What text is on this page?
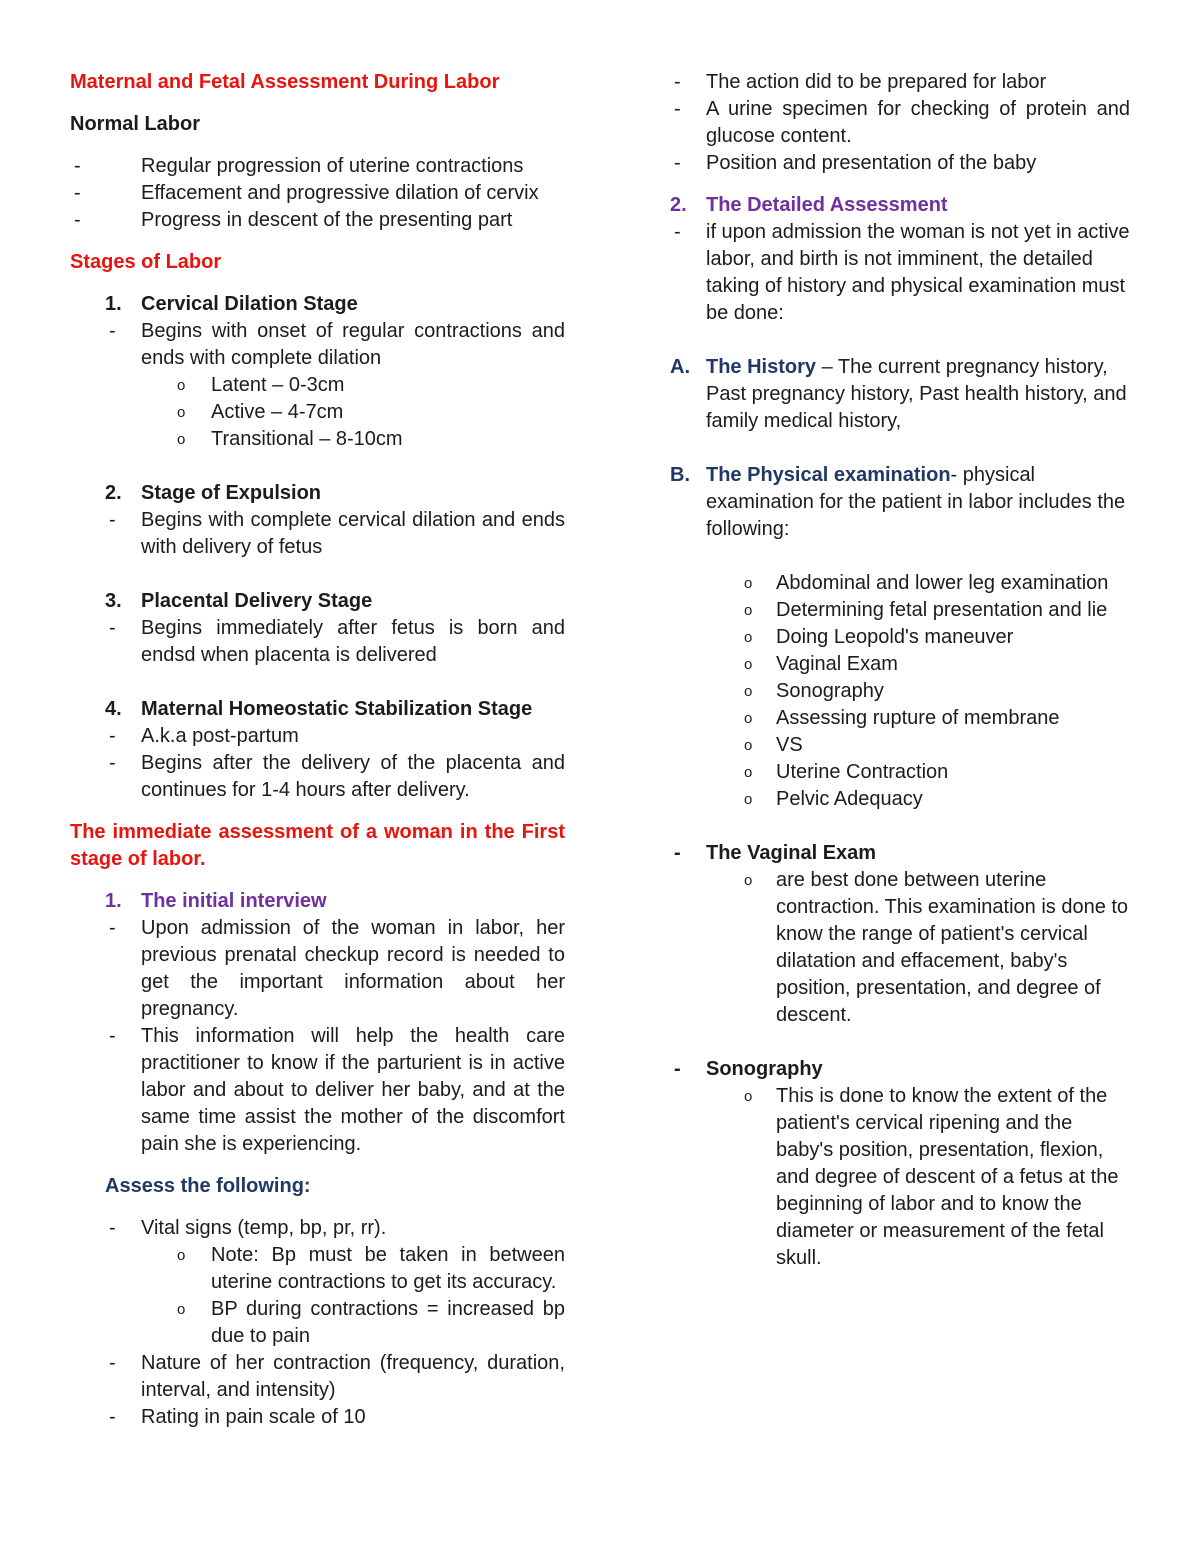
Maternal and Fetal Assessment During Labor
Normal Labor
- Regular progression of uterine contractions
- Effacement and progressive dilation of cervix
- Progress in descent of the presenting part
Stages of Labor
1. Cervical Dilation Stage
- Begins with onset of regular contractions and ends with complete dilation
o Latent – 0-3cm
o Active – 4-7cm
o Transitional – 8-10cm
2. Stage of Expulsion
- Begins with complete cervical dilation and ends with delivery of fetus
3. Placental Delivery Stage
- Begins immediately after fetus is born and endsd when placenta is delivered
4. Maternal Homeostatic Stabilization Stage
- A.k.a post-partum
- Begins after the delivery of the placenta and continues for 1-4 hours after delivery.
The immediate assessment of a woman in the First stage of labor.
1. The initial interview
- Upon admission of the woman in labor, her previous prenatal checkup record is needed to get the important information about her pregnancy.
- This information will help the health care practitioner to know if the parturient is in active labor and about to deliver her baby, and at the same time assist the mother of the discomfort pain she is experiencing.
Assess the following:
- Vital signs (temp, bp, pr, rr).
o Note: Bp must be taken in between uterine contractions to get its accuracy.
o BP during contractions = increased bp due to pain
- Nature of her contraction (frequency, duration, interval, and intensity)
- Rating in pain scale of 10
- The action did to be prepared for labor
- A urine specimen for checking of protein and glucose content.
- Position and presentation of the baby
2. The Detailed Assessment
- if upon admission the woman is not yet in active labor, and birth is not imminent, the detailed taking of history and physical examination must be done:
A. The History – The current pregnancy history, Past pregnancy history, Past health history, and family medical history,
B. The Physical examination- physical examination for the patient in labor includes the following:
o Abdominal and lower leg examination
o Determining fetal presentation and lie
o Doing Leopold's maneuver
o Vaginal Exam
o Sonography
o Assessing rupture of membrane
o VS
o Uterine Contraction
o Pelvic Adequacy
- The Vaginal Exam
o are best done between uterine contraction. This examination is done to know the range of patient's cervical dilatation and effacement, baby's position, presentation, and degree of descent.
- Sonography
o This is done to know the extent of the patient's cervical ripening and the baby's position, presentation, flexion, and degree of descent of a fetus at the beginning of labor and to know the diameter or measurement of the fetal skull.
